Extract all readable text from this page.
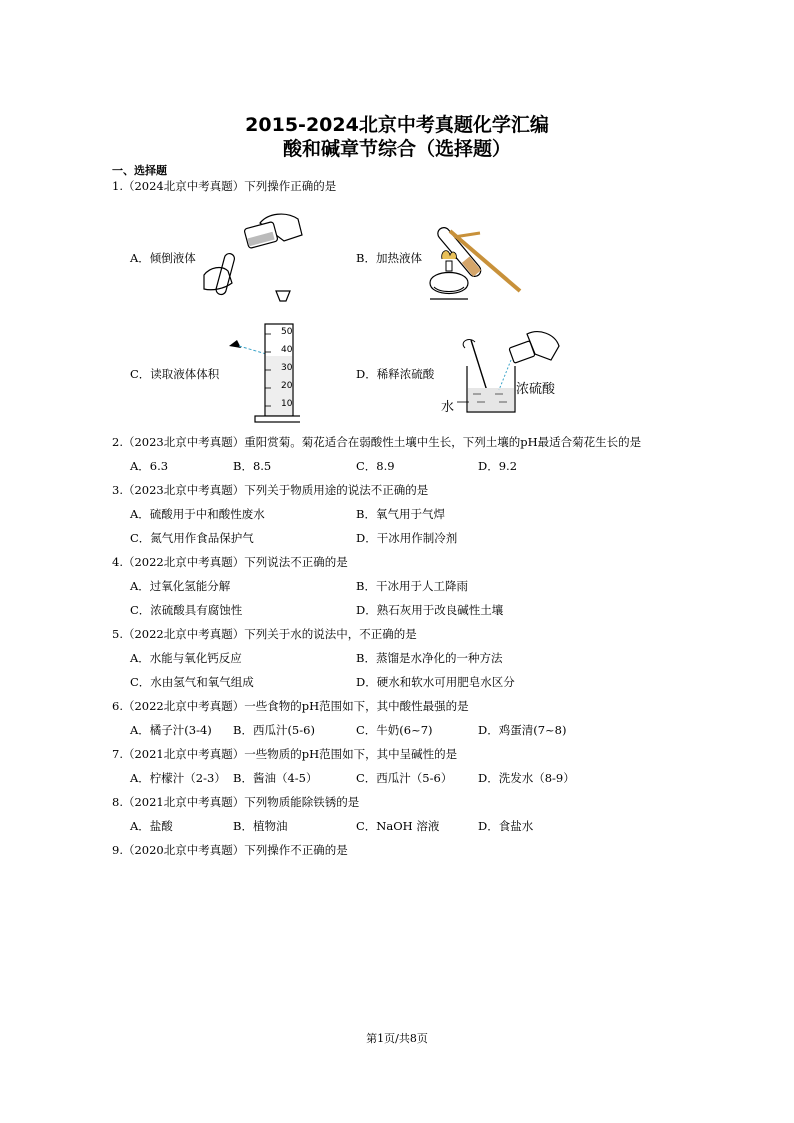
2015-2024北京中考真题化学汇编
酸和碱章节综合（选择题）
一、选择题
1.（2024北京中考真题）下列操作正确的是
A．倾倒液体	B．加热液体
C．读取液体体积	D．稀释浓硫酸
50
40
30
20
10
浓硫酸
水
2.（2023北京中考真题）重阳赏菊。菊花适合在弱酸性土壤中生长，下列土壤的pH最适合菊花生长的是
A．6.3	B．8.5	C．8.9	D．9.2
3.（2023北京中考真题）下列关于物质用途的说法不正确的是
A．硫酸用于中和酸性废水	B．氧气用于气焊
C．氮气用作食品保护气	D．干冰用作制冷剂
4.（2022北京中考真题）下列说法不正确的是
A．过氧化氢能分解	B．干冰用于人工降雨
C．浓硫酸具有腐蚀性	D．熟石灰用于改良碱性土壤
5.（2022北京中考真题）下列关于水的说法中，不正确的是
A．水能与氧化钙反应	B．蒸馏是水净化的一种方法
C．水由氢气和氧气组成	D．硬水和软水可用肥皂水区分
6.（2022北京中考真题）一些食物的pH范围如下，其中酸性最强的是
A．橘子汁(3-4) B．西瓜汁(5-6)	C．牛奶(6~7)	D．鸡蛋清(7~8)
7.（2021北京中考真题）一些物质的pH范围如下，其中呈碱性的是
A．柠檬汁（2-3） B．酱油（4-5）	C．西瓜汁（5-6） D．洗发水（8-9）
8.（2021北京中考真题）下列物质能除铁锈的是
A．盐酸	B．植物油	C．NaOH 溶液	D．食盐水
9.（2020北京中考真题）下列操作不正确的是
第1页/共8页
